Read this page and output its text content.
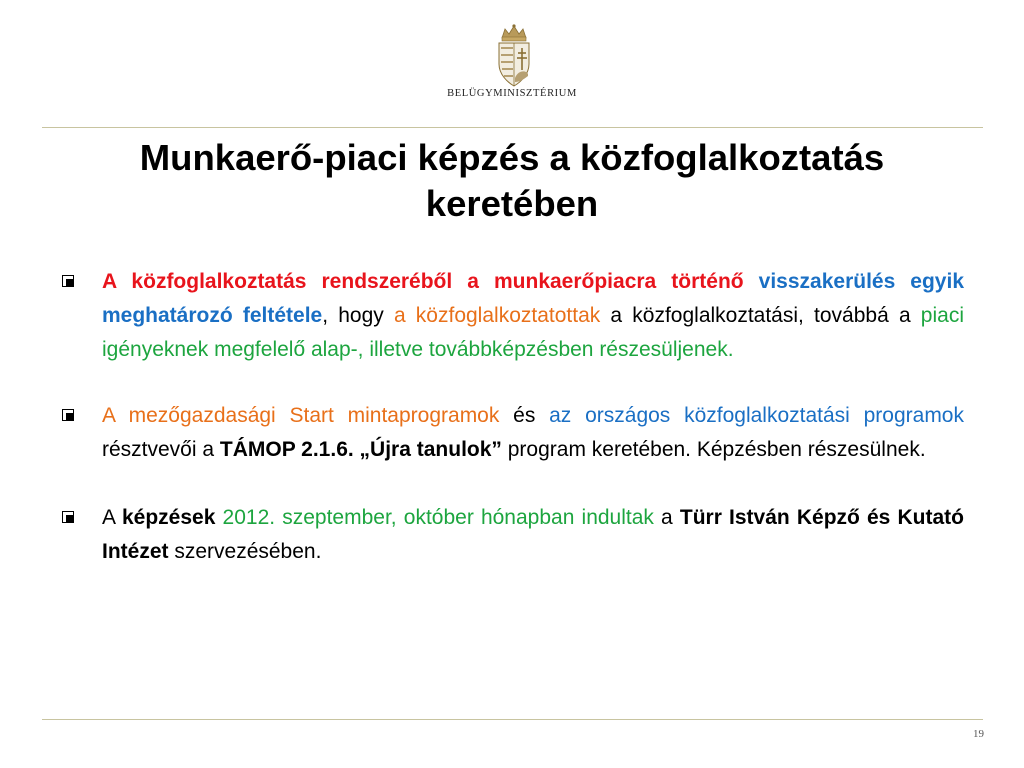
BELÜGYMINISZTÉRIUM
Munkaerő-piaci képzés a közfoglalkoztatás
keretében
A közfoglalkoztatás rendszeréből a munkaerőpiacra történő visszakerülés egyik meghatározó feltétele, hogy a közfoglalkoztatottak a közfoglalkoztatási, továbbá a piaci igényeknek megfelelő alap-, illetve továbbképzésben részesüljenek.
A mezőgazdasági Start mintaprogramok és az országos közfoglalkoztatási programok résztvevői a TÁMOP 2.1.6. „Újra tanulok” program keretében. Képzésben részesülnek.
A képzések 2012. szeptember, október hónapban indultak a Türr István Képző és Kutató Intézet szervezésében.
19
